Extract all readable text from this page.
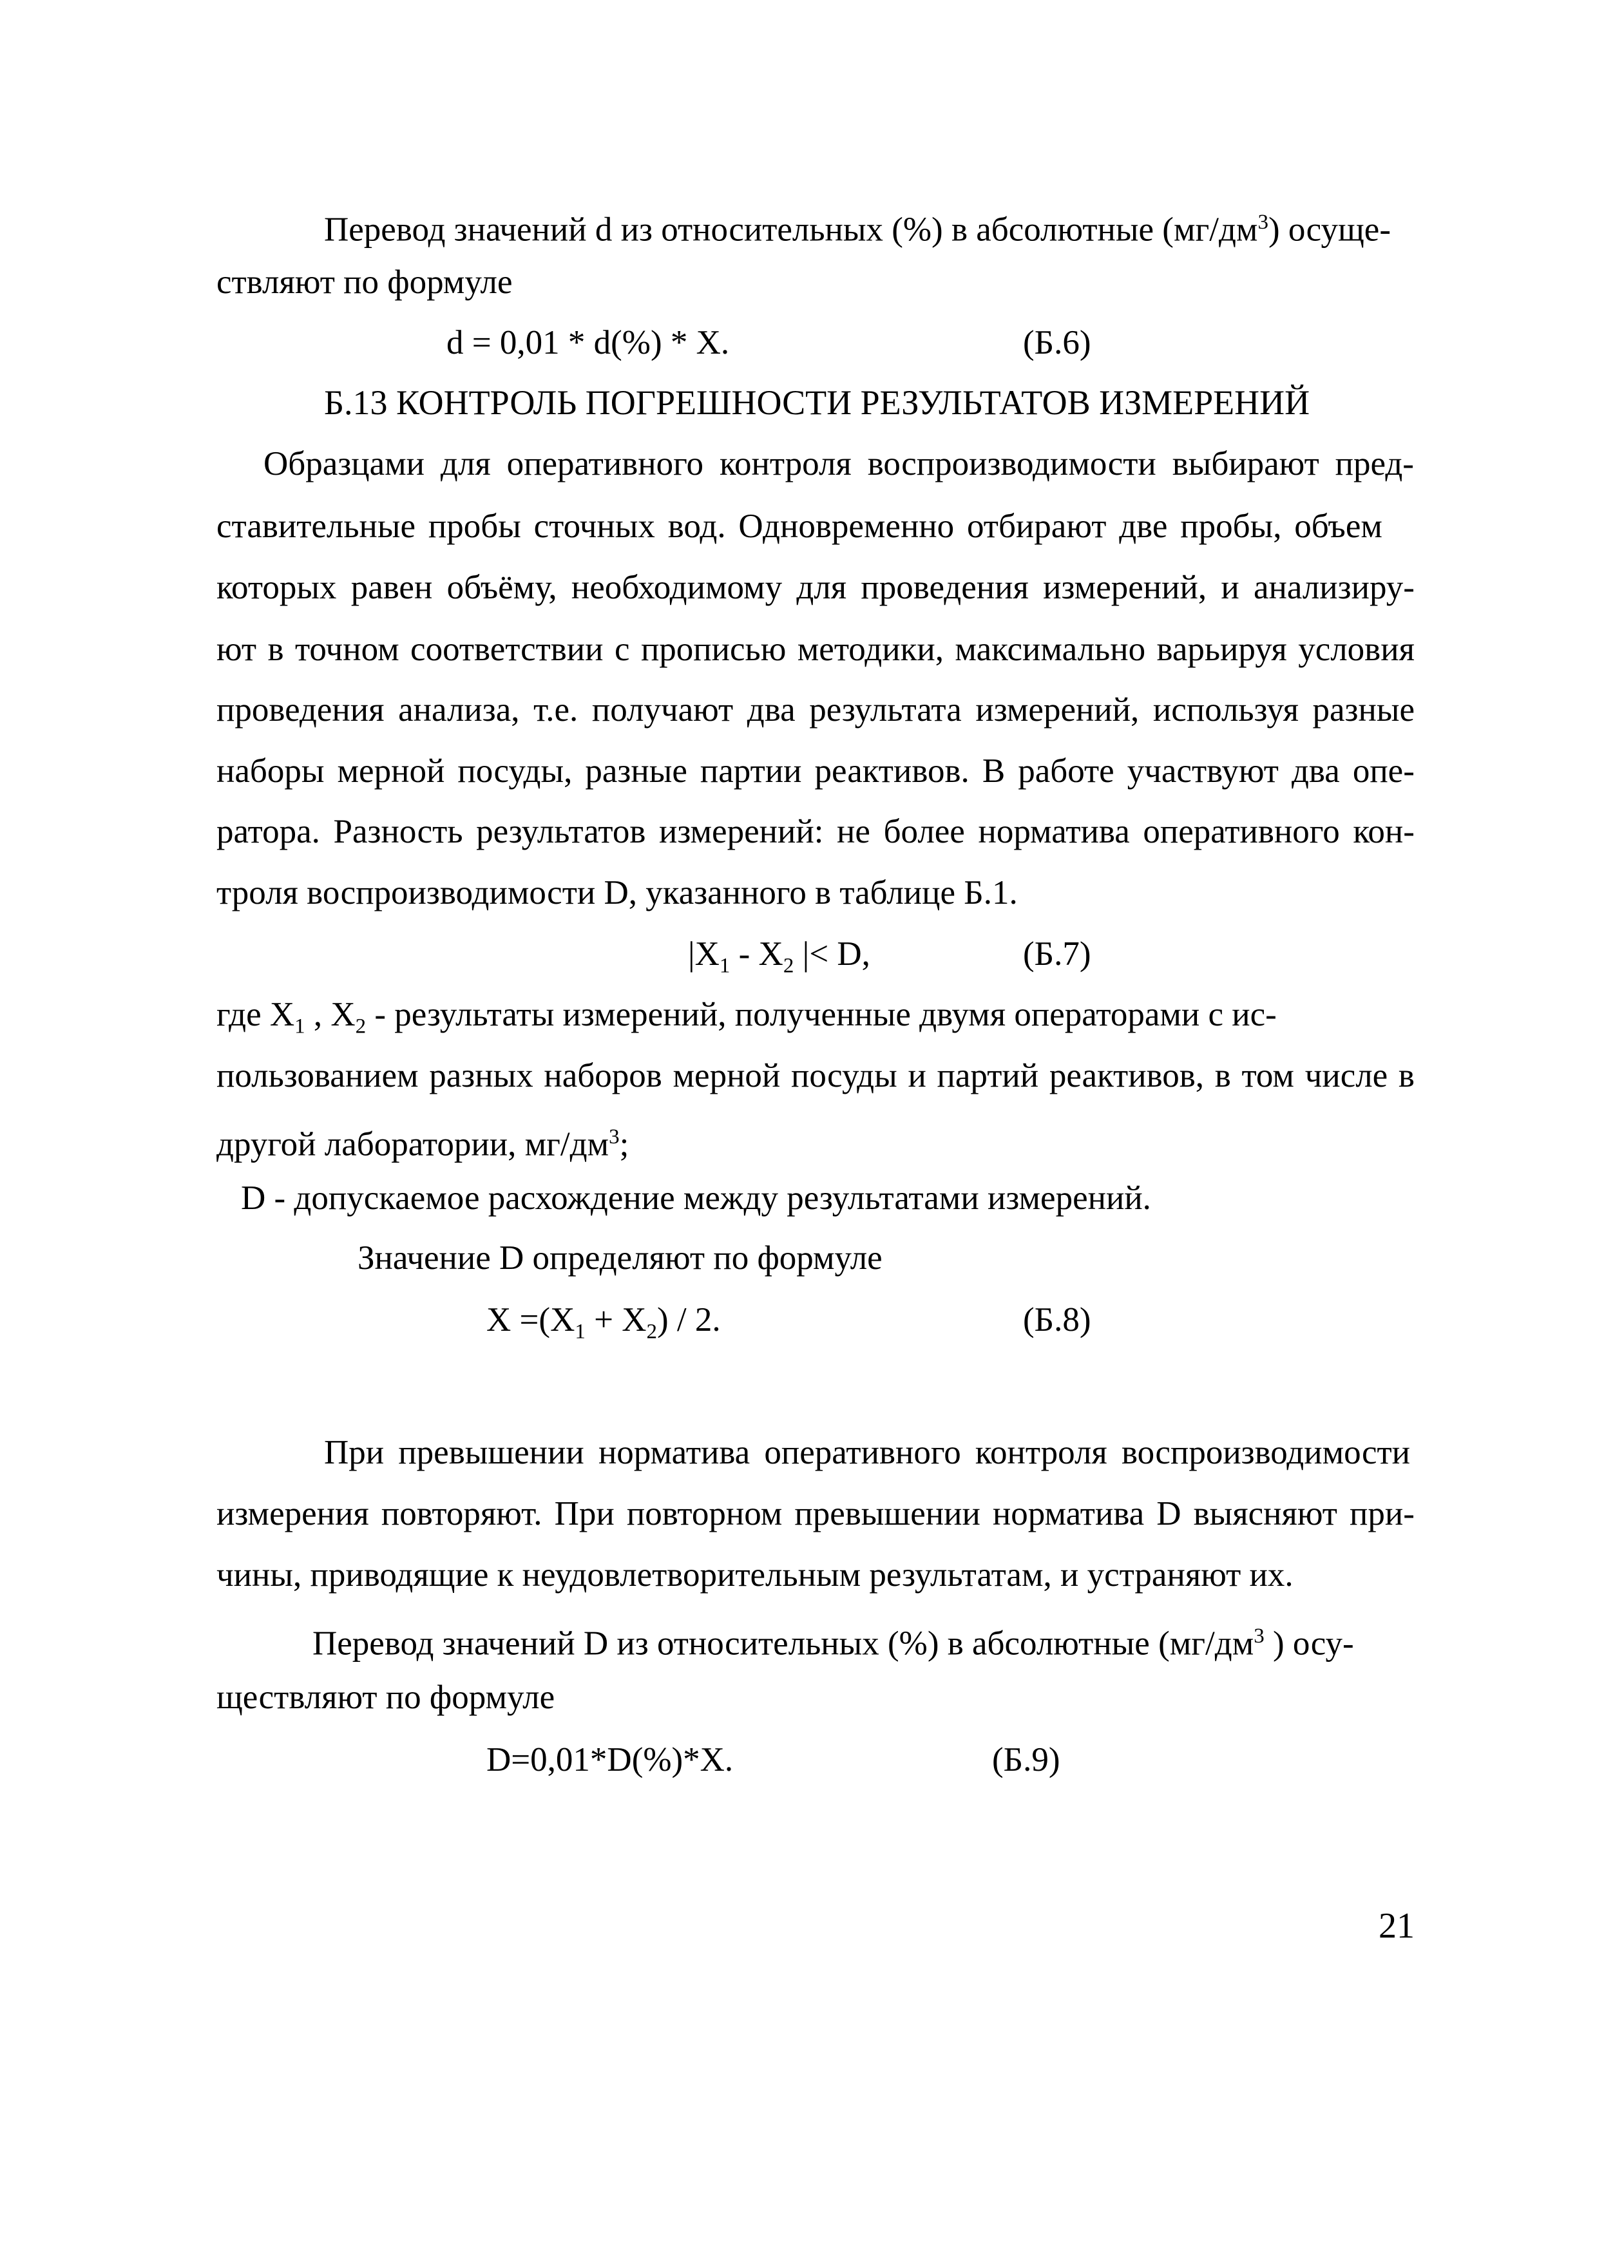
Перевод значений d из относительных (%) в абсолютные $(мг/дм^3)$ осуще-
ствляют по формуле
d = 0,01 * d(%) * X.	(Б.6)
Б.13 КОНТРОЛЬ ПОГРЕШНОСТИ РЕЗУЛЬТАТОВ ИЗМЕРЕНИЙ
Образцами для оперативного контроля воспроизводимости выбирают пред-
ставительные пробы сточных вод. Одновременно отбирают две пробы, объем
которых равен объёму, необходимому для проведения измерений, и анализиру-
ют в точном соответствии с прописью методики, максимально варьируя условия
проведения анализа, т.е. получают два результата измерений, используя разные
наборы мерной посуды, разные партии реактивов. В работе участвуют два опе-
ратора. Разность результатов измерений: не более норматива оперативного кон-
троля воспроизводимости D, указанного в таблице Б.1.
$|X_1 - X_2$ |< D,	(Б.7)
где $X_1$ , $X_2$ - результаты измерений, полученные двумя операторами с ис-
пользованием разных наборов мерной посуды и партий реактивов, в том числе в
другой лаборатории, $мг/дм^3$;
D - допускаемое расхождение между результатами измерений.
Значение D определяют по формуле
$X =(X_1 + X_2) / 2$.	(Б.8)
При превышении норматива оперативного контроля воспроизводимости
измерения повторяют. При повторном превышении норматива D выясняют при-
чины, приводящие к неудовлетворительным результатам, и устраняют их.
Перевод значений D из относительных (%) в абсолютные ($мг/дм^3$ ) осу-
ществляют по формуле
D=0,01*D(%)*X.	(Б.9)
21
